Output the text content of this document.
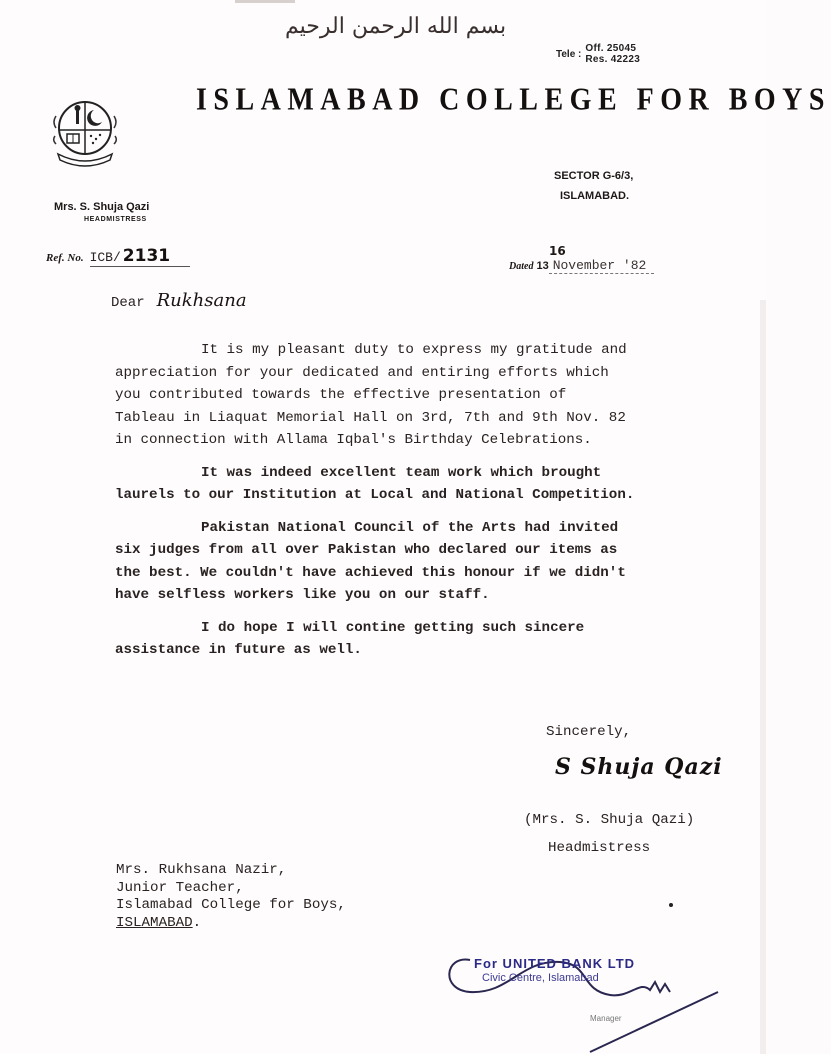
بسم الله الرحمن الرحيم
Tele :
Off. 25045
Res. 42223
ISLAMABAD COLLEGE FOR BOYS
Mrs. S. Shuja Qazi
HEADMISTRESS
SECTOR G-6/3,
ISLAMABAD.
Ref. No. ICB/ 2131
Dated 13
16
November '82
Dear Rukhsana

It is my pleasant duty to express my gratitude and
appreciation for your dedicated and entiring efforts which
you contributed towards the effective presentation of
Tableau in Liaquat Memorial Hall on 3rd, 7th and 9th Nov. 82
in connection with Allama Iqbal's Birthday Celebrations.

It was indeed excellent team work which brought
laurels to our Institution at Local and National Competition.

Pakistan National Council of the Arts had invited
six judges from all over Pakistan who declared our items as
the best. We couldn't have achieved this honour if we didn't
have selfless workers like you on our staff.

I do hope I will contine getting such sincere
assistance in future as well.

Sincerely,
S Shuja Qazi
(Mrs. S. Shuja Qazi)
Headmistress
Mrs. Rukhsana Nazir,
Junior Teacher,
Islamabad College for Boys,
ISLAMABAD.
For UNITED BANK LTD
Civic Centre, Islamabad
Manager
